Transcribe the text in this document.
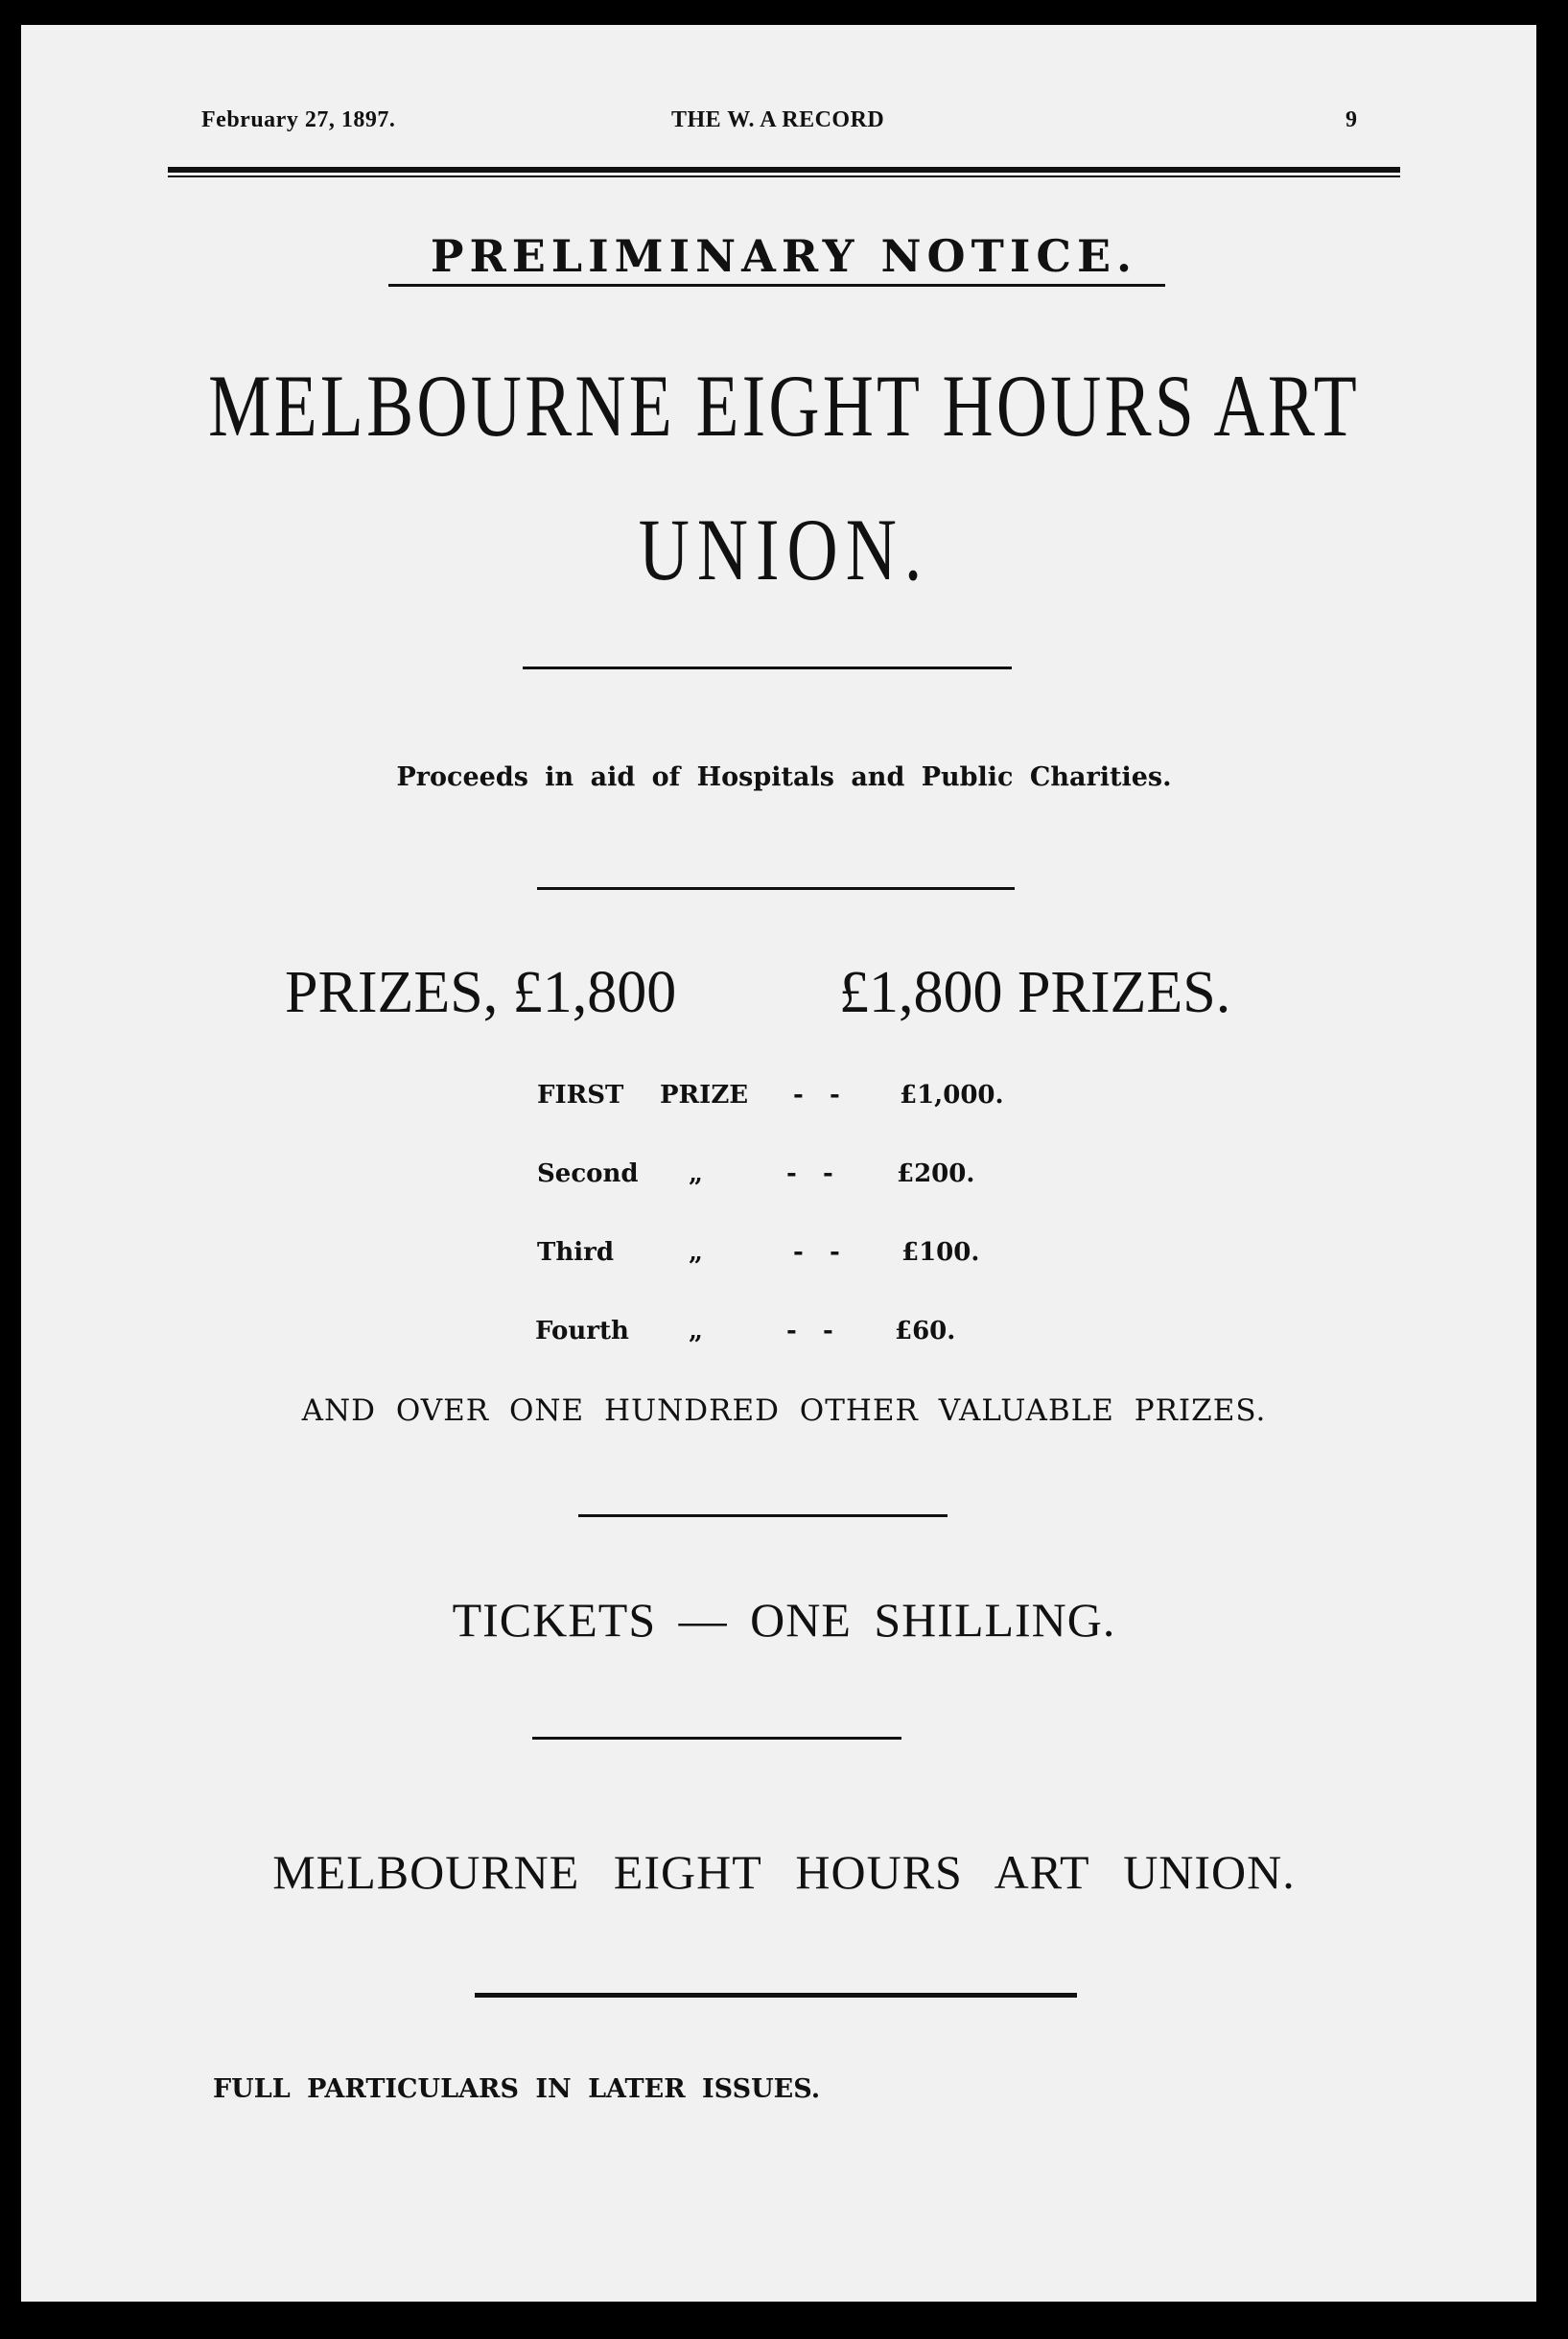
February 27, 1897.	THE W. A RECORD	9
PRELIMINARY NOTICE.
MELBOURNE EIGHT HOURS ART
UNION.
Proceeds in aid of Hospitals and Public Charities.
PRIZES, £1,800	£1,800 PRIZES.
FIRST PRIZE -   - £1,000.
Second „	-   -	£200.
Third	„	-   - £100.
Fourth „	-   - £60.
AND OVER ONE HUNDRED OTHER VALUABLE PRIZES.
TICKETS — ONE SHILLING.
MELBOURNE EIGHT HOURS ART UNION.
FULL PARTICULARS IN LATER ISSUES.
